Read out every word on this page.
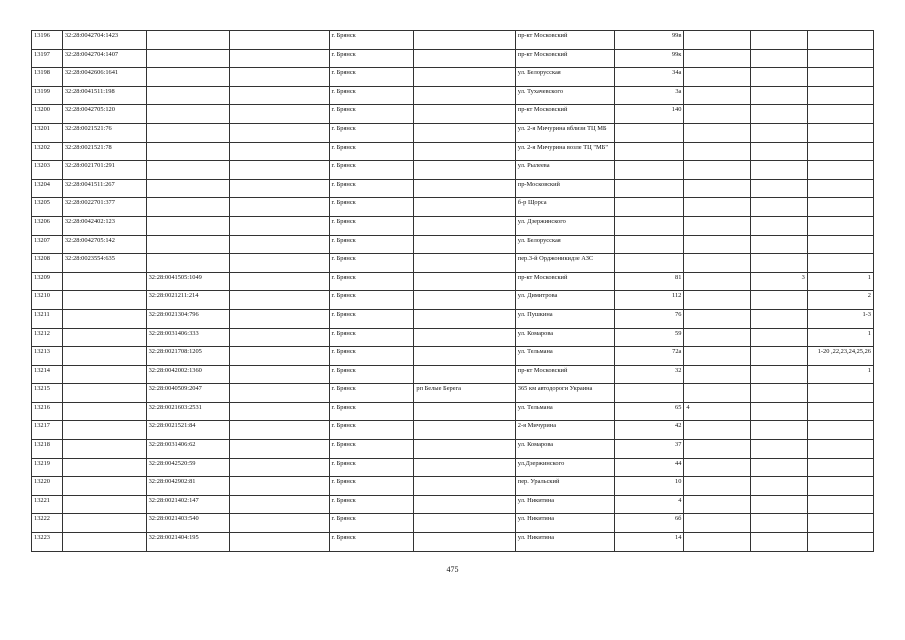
13196	32:28:0042704:1423			г. Брянск		пр-кт Московский	99в			
13197	32:28:0042704:1407			г. Брянск		пр-кт Московский	99к			
13198	32:28:0042606:1641			г. Брянск		ул. Белорусская	34а			
13199	32:28:0041511:198			г. Брянск		ул. Тухачевского	3а			
13200	32:28:0042705:120			г. Брянск		пр-кт Московский	140			
13201	32:28:0021521:76			г. Брянск		ул. 2-я Мичурина вблизи ТЦ МБ				
13202	32:28:0021521:78			г. Брянск		ул. 2-я Мичурина возле ТЦ "МБ"				
13203	32:28:0021701:291			г. Брянск		ул. Рылеева				
13204	32:28:0041511:267			г. Брянск		пр-Московский				
13205	32:28:0022701:377			г. Брянск		б-р Щорса				
13206	32:28:0042402:123			г. Брянск		ул. Дзержинского				
13207	32:28:0042705:142			г. Брянск		ул. Белорусская				
13208	32:28:0023554:635			г. Брянск		пер.3-й Орджоникидзе АЗС				
13209		32:28:0041505:1049		г. Брянск		пр-кт Московский	81		3	1
13210		32:28:0021211:214		г. Брянск		ул. Димитрова	112			2
13211		32:28:0021304:796		г. Брянск		ул. Пушкина	76			1-3
13212		32:28:0031406:333		г. Брянск		ул. Комарова	59			1
13213		32:28:0021708:1205		г. Брянск		ул. Тельмана	72а			1-20 ,22,23,24,25,26
13214		32:28:0042002:1360		г. Брянск		пр-кт Московский	32			1
13215		32:28:0040509:2047		г. Брянск	рп Белые Берега	365 км автодороги Украина				
13216		32:28:0021603:2531		г. Брянск		ул. Тельмана	65	4		
13217		32:28:0021521:84		г. Брянск		2-я Мичурина	42			
13218		32:28:0031406:62		г. Брянск		ул. Комарова	37			
13219		32:28:0042520:59		г. Брянск		ул.Дзержинского	44			
13220		32:28:0042902:81		г. Брянск		пер. Уральский	10			
13221		32:28:0021402:147		г. Брянск		ул. Никитина	4			
13222		32:28:0021403:540		г. Брянск		ул. Никитина	6б			
13223		32:28:0021404:195		г. Брянск		ул. Никитина	14			
475
